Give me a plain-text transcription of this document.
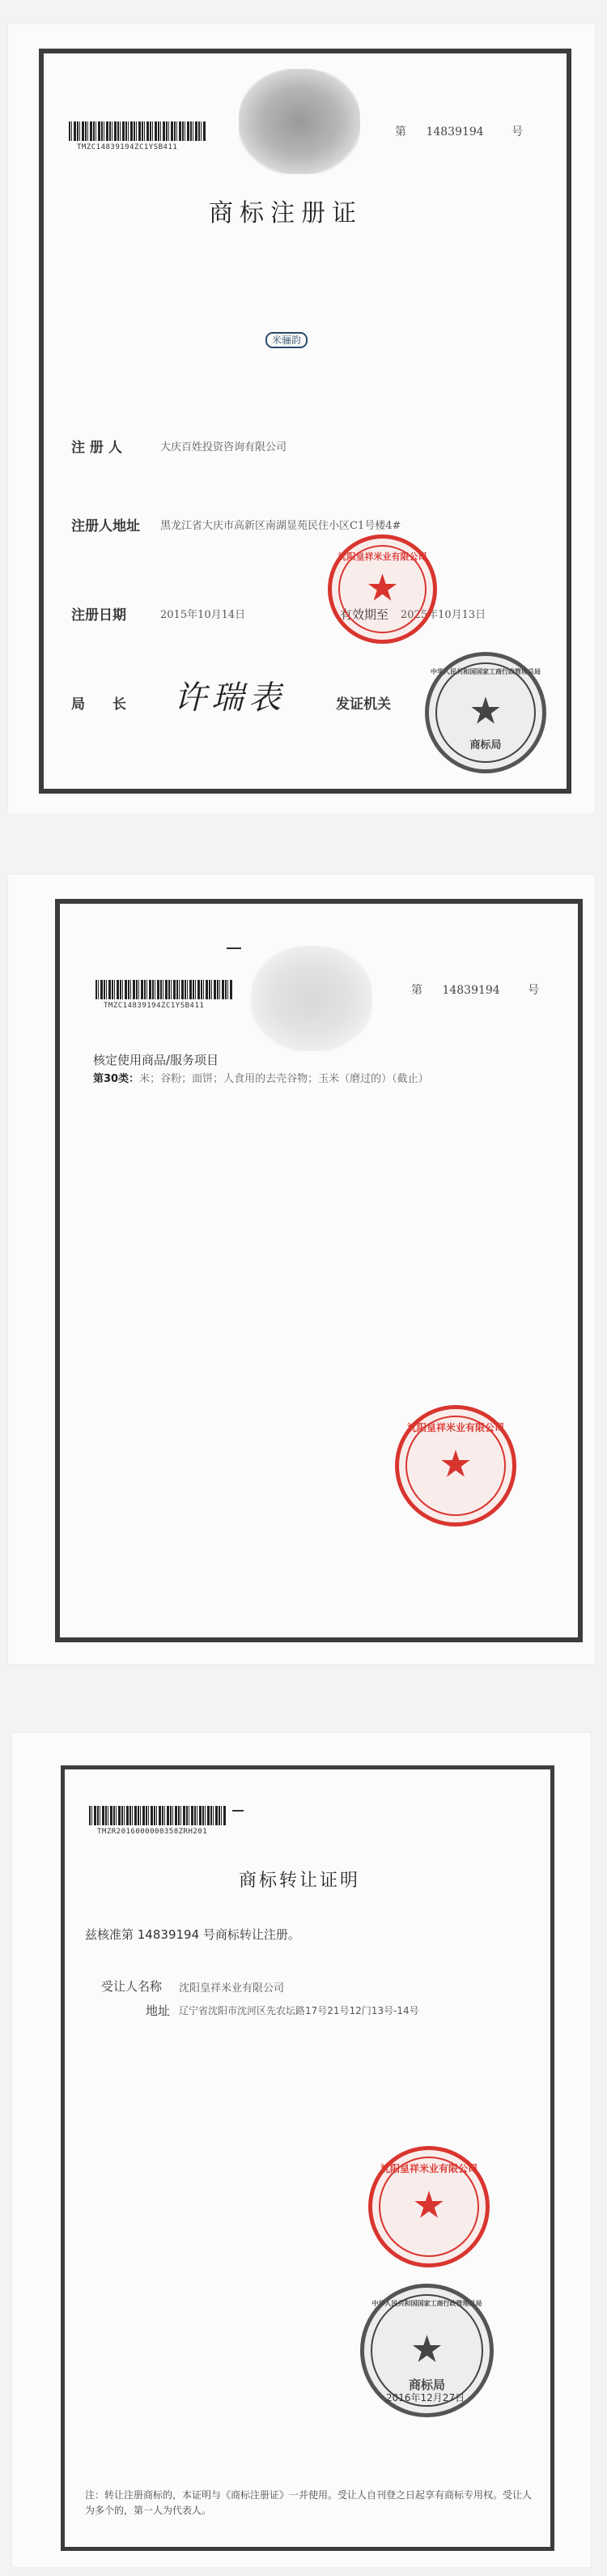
TMZC14839194ZC1YSB411
第 14839194 号
商标注册证
米骊韵
注 册 人	大庆百姓投资咨询有限公司
注册人地址 黑龙江省大庆市高新区南湖显苑民住小区C1号楼4#
注册日期	2015年10月14日	有效期至 2025年10月13日
局　　长 许瑞表	发证机关
★
沈阳皇祥米业有限公司
★
中华人民共和国国家工商行政管理总局
商标局
TMZC14839194ZC1YSB411
第 14839194 号
核定使用商品/服务项目
第30类：米；谷粉；面饼；人食用的去壳谷物；玉米（磨过的）（截止）
★
沈阳皇祥米业有限公司
TMZR2016000000358ZRH201
商标转让证明
兹核准第 14839194 号商标转让注册。
受让人名称 沈阳皇祥米业有限公司
地址 辽宁省沈阳市沈河区先农坛路17号21号12门13号-14号
★
沈阳皇祥米业有限公司
★
中华人民共和国国家工商行政管理总局
商标局
2016年12月27日
注：转让注册商标的，本证明与《商标注册证》一并使用。受让人自刊登之日起享有商标专用权。受让人为多个的，第一人为代表人。
